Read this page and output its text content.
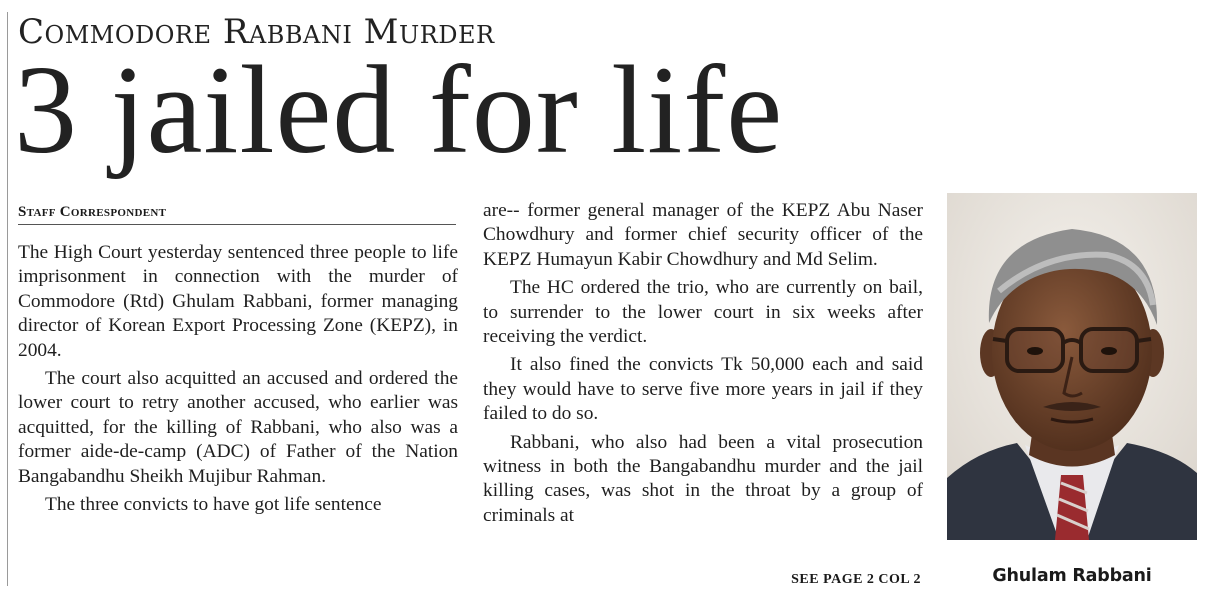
Commodore Rabbani Murder
3 jailed for life
Staff Correspondent

The High Court yesterday sentenced three people to life imprisonment in connection with the murder of Commodore (Rtd) Ghulam Rabbani, former managing director of Korean Export Processing Zone (KEPZ), in 2004.

The court also acquitted an accused and ordered the lower court to retry another accused, who earlier was acquitted, for the killing of Rabbani, who also was a former aide-de-camp (ADC) of Father of the Nation Bangabandhu Sheikh Mujibur Rahman.

The three convicts to have got life sentence

are-- former general manager of the KEPZ Abu Naser Chowdhury and former chief security officer of the KEPZ Humayun Kabir Chowdhury and Md Selim.

The HC ordered the trio, who are currently on bail, to surrender to the lower court in six weeks after receiving the verdict.

It also fined the convicts Tk 50,000 each and said they would have to serve five more years in jail if they failed to do so.

Rabbani, who also had been a vital prosecution witness in both the Bangabandhu murder and the jail killing cases, was shot in the throat by a group of criminals at

SEE PAGE 2 COL 2	Ghulam Rabbani
